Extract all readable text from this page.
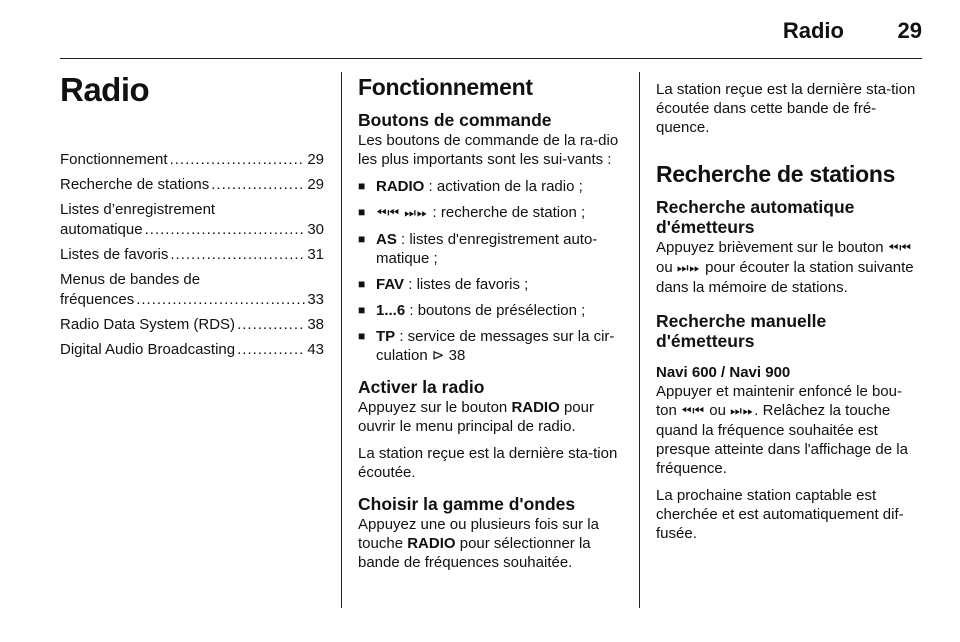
Radio 29
Radio
Fonctionnement .....	29
Recherche de stations .....	29
Listes d’enregistrement
automatique .....	30
Listes de favoris .....	31
Menus de bandes de
fréquences .....	33
Radio Data System (RDS) .....	38
Digital Audio Broadcasting .....	43
Fonctionnement
Boutons de commande

Les boutons de commande de la ra-dio les plus importants sont les sui-vants :

■ RADIO : activation de la radio ;
■ ⏪︎⏮︎ ⏭︎⏩︎ : recherche de station ;
■ AS : listes d'enregistrement auto-matique ;
■ FAV : listes de favoris ;
■ 1...6 : boutons de présélection ;
■ TP : service de messages sur la cir-culation ⊳ 38
Activer la radio

Appuyez sur le bouton RADIO pour ouvrir le menu principal de radio.

La station reçue est la dernière sta-tion écoutée.

Choisir la gamme d'ondes

Appuyez une ou plusieurs fois sur la touche RADIO pour sélectionner la bande de fréquences souhaitée.

La station reçue est la dernière sta-tion écoutée dans cette bande de fré-quence.

Recherche de stations
Recherche automatique d'émetteurs

Appuyez brièvement sur le bouton ⏪︎⏮︎ ou ⏭︎⏩︎ pour écouter la station suivante dans la mémoire de stations.

Recherche manuelle d'émetteurs
Navi 600 / Navi 900

Appuyer et maintenir enfoncé le bou-ton ⏪︎⏮︎ ou ⏭︎⏩︎. Relâchez la touche quand la fréquence souhaitée est presque atteinte dans l'affichage de la fréquence.

La prochaine station captable est cherchée et est automatiquement dif-fusée.
